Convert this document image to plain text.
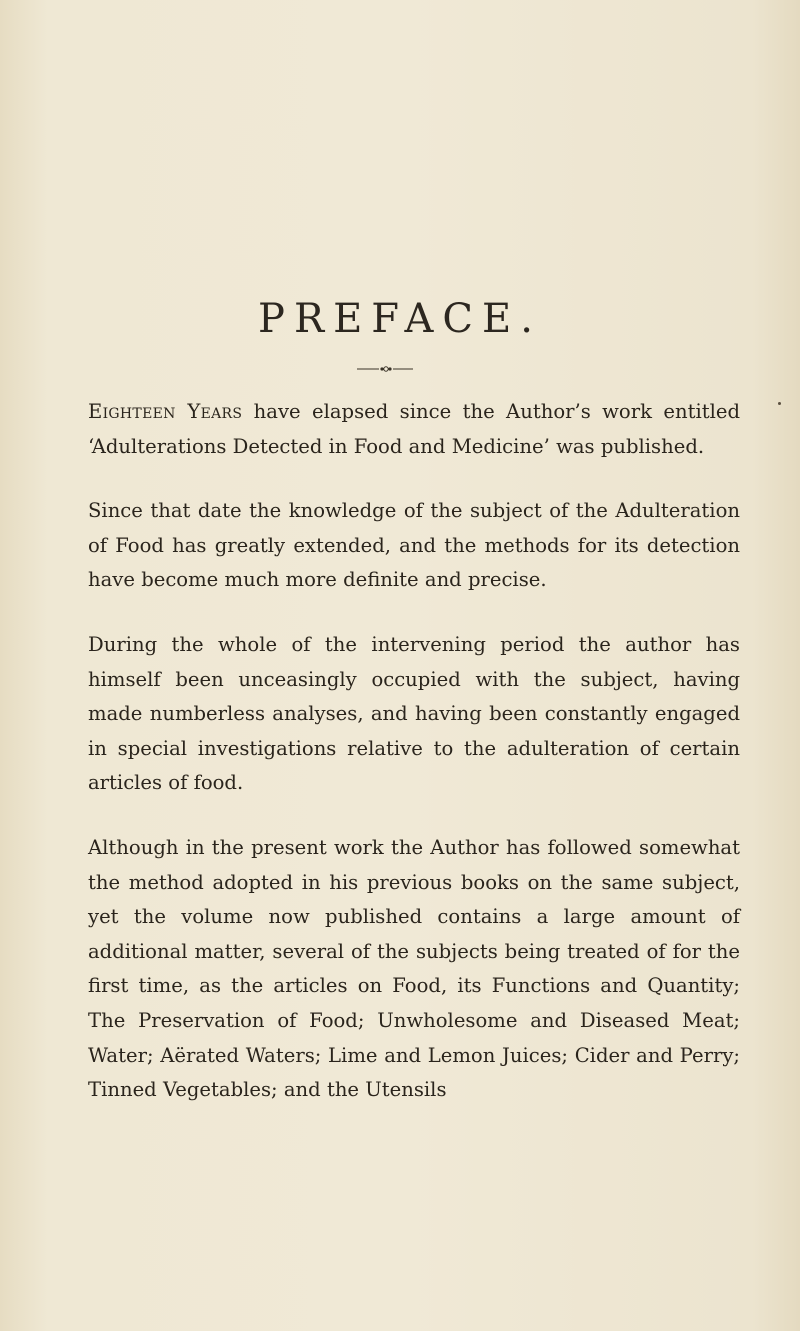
PREFACE.

Eighteen Years have elapsed since the Author’s work entitled ‘Adulterations Detected in Food and Medicine’ was published.

Since that date the knowledge of the subject of the Adulteration of Food has greatly extended, and the methods for its detection have become much more definite and precise.

During the whole of the intervening period the author has himself been unceasingly occupied with the subject, having made numberless analyses, and having been constantly engaged in special investigations relative to the adulteration of certain articles of food.

Although in the present work the Author has followed somewhat the method adopted in his previous books on the same subject, yet the volume now published contains a large amount of additional matter, several of the subjects being treated of for the first time, as the articles on Food, its Functions and Quantity; The Preservation of Food; Unwholesome and Diseased Meat; Water; Aërated Waters; Lime and Lemon Juices; Cider and Perry; Tinned Vegetables; and the Utensils
